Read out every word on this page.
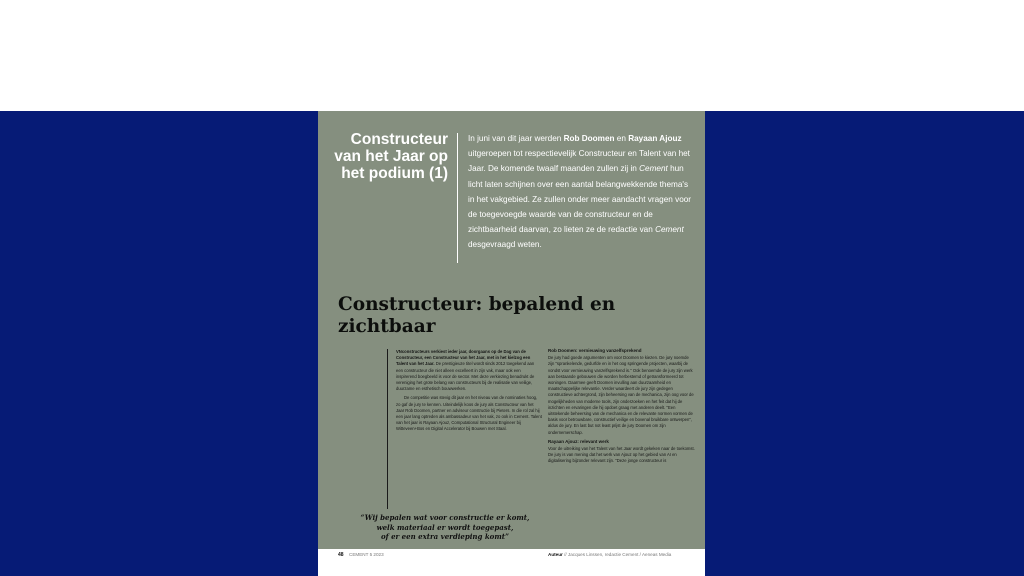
Constructeur
van het Jaar op
het podium (1)
In juni van dit jaar werden Rob Doomen en Rayaan Ajouz uitgeroepen tot respectievelijk Constructeur en Talent van het Jaar. De komende twaalf maanden zullen zij in Cement hun licht laten schijnen over een aantal belangwekkende thema's in het vakgebied. Ze zullen onder meer aandacht vragen voor de toegevoegde waarde van de constructeur en de zichtbaarheid daarvan, zo lieten ze de redactie van Cement desgevraagd weten.
Constructeur: bepalend en
zichtbaar

VNconstructeurs verkiest ieder jaar, doorgaans op de Dag van de Constructeur, een Constructeur van het Jaar, met in het kielzog een Talent van het Jaar. De prestigieuze titel wordt sinds 2012 toegekend aan een constructeur die niet alleen excelleert in zijn vak, maar ook een inspirerend boegbeeld is voor de sector. Met deze verkiezing benadrukt de vereniging het grote belang van constructeurs bij de realisatie van veilige, duurzame en esthetisch bouwwerken.

De competitie was stevig dit jaar en het niveau van de nominaties hoog, zo gaf de jury te kennen. Uiteindelijk koos de jury als Constructeur van het Jaar Rob Doomen, partner en adviseur constructie bij Pieters. In die rol zal hij een jaar lang optreden als ambassadeur van het vak, zo ook in Cement. Talent van het jaar is Rayaan Ajouz, Computational Structural Engineer bij Witteveen+Bos en Digital Accelerator bij Bouwen met Staal.

Rob Doomen: vernieuwing vanzelfsprekend

De jury had goede argumenten om voor Doomen te kiezen. De jury noemde zijn "sprankelende, gedurfde en in het oog springende projecten, waarbij de vondst voor vernieuwing vanzelfsprekend is." Ook benoemde de jury zijn werk aan bestaande gebouwen die worden herbestemd of getransformeerd tot woningen. Daarmee geeft Doomen invulling aan duurzaamheid en maatschappelijke relevantie. Verder waardeert de jury zijn gedegen constructieve achtergrond, zijn beheersing van de mechanica, zijn oog voor de mogelijkheden van moderne tools, zijn onderzoeken en het feit dat hij de inzichten en ervaringen die hij opdoet graag met anderen deelt. "Een uitstekende beheersing van de mechanica en de relevante normen vormen de basis voor betrouwbare, constructief veilige en bovenal bruikbare ontwerpen", aldus de jury. En last but not least prijst de jury Doomen om zijn ondernemerschap.

Rayaan Ajouz: relevant werk

Voor de uitreiking van het Talent van het Jaar wordt gekeken naar de toekomst. De jury is van mening dat het werk van Ajouz op het gebied van AI en digitalisering bijzonder relevant zijn. "Deze jonge constructeur is

“Wij bepalen wat voor constructie er komt,
welk materiaal er wordt toegepast,
of er een extra verdieping komt”
48 CEMENT 5 2023	Auteur // Jacques Linssen, redactie Cement / Aeneas Media
